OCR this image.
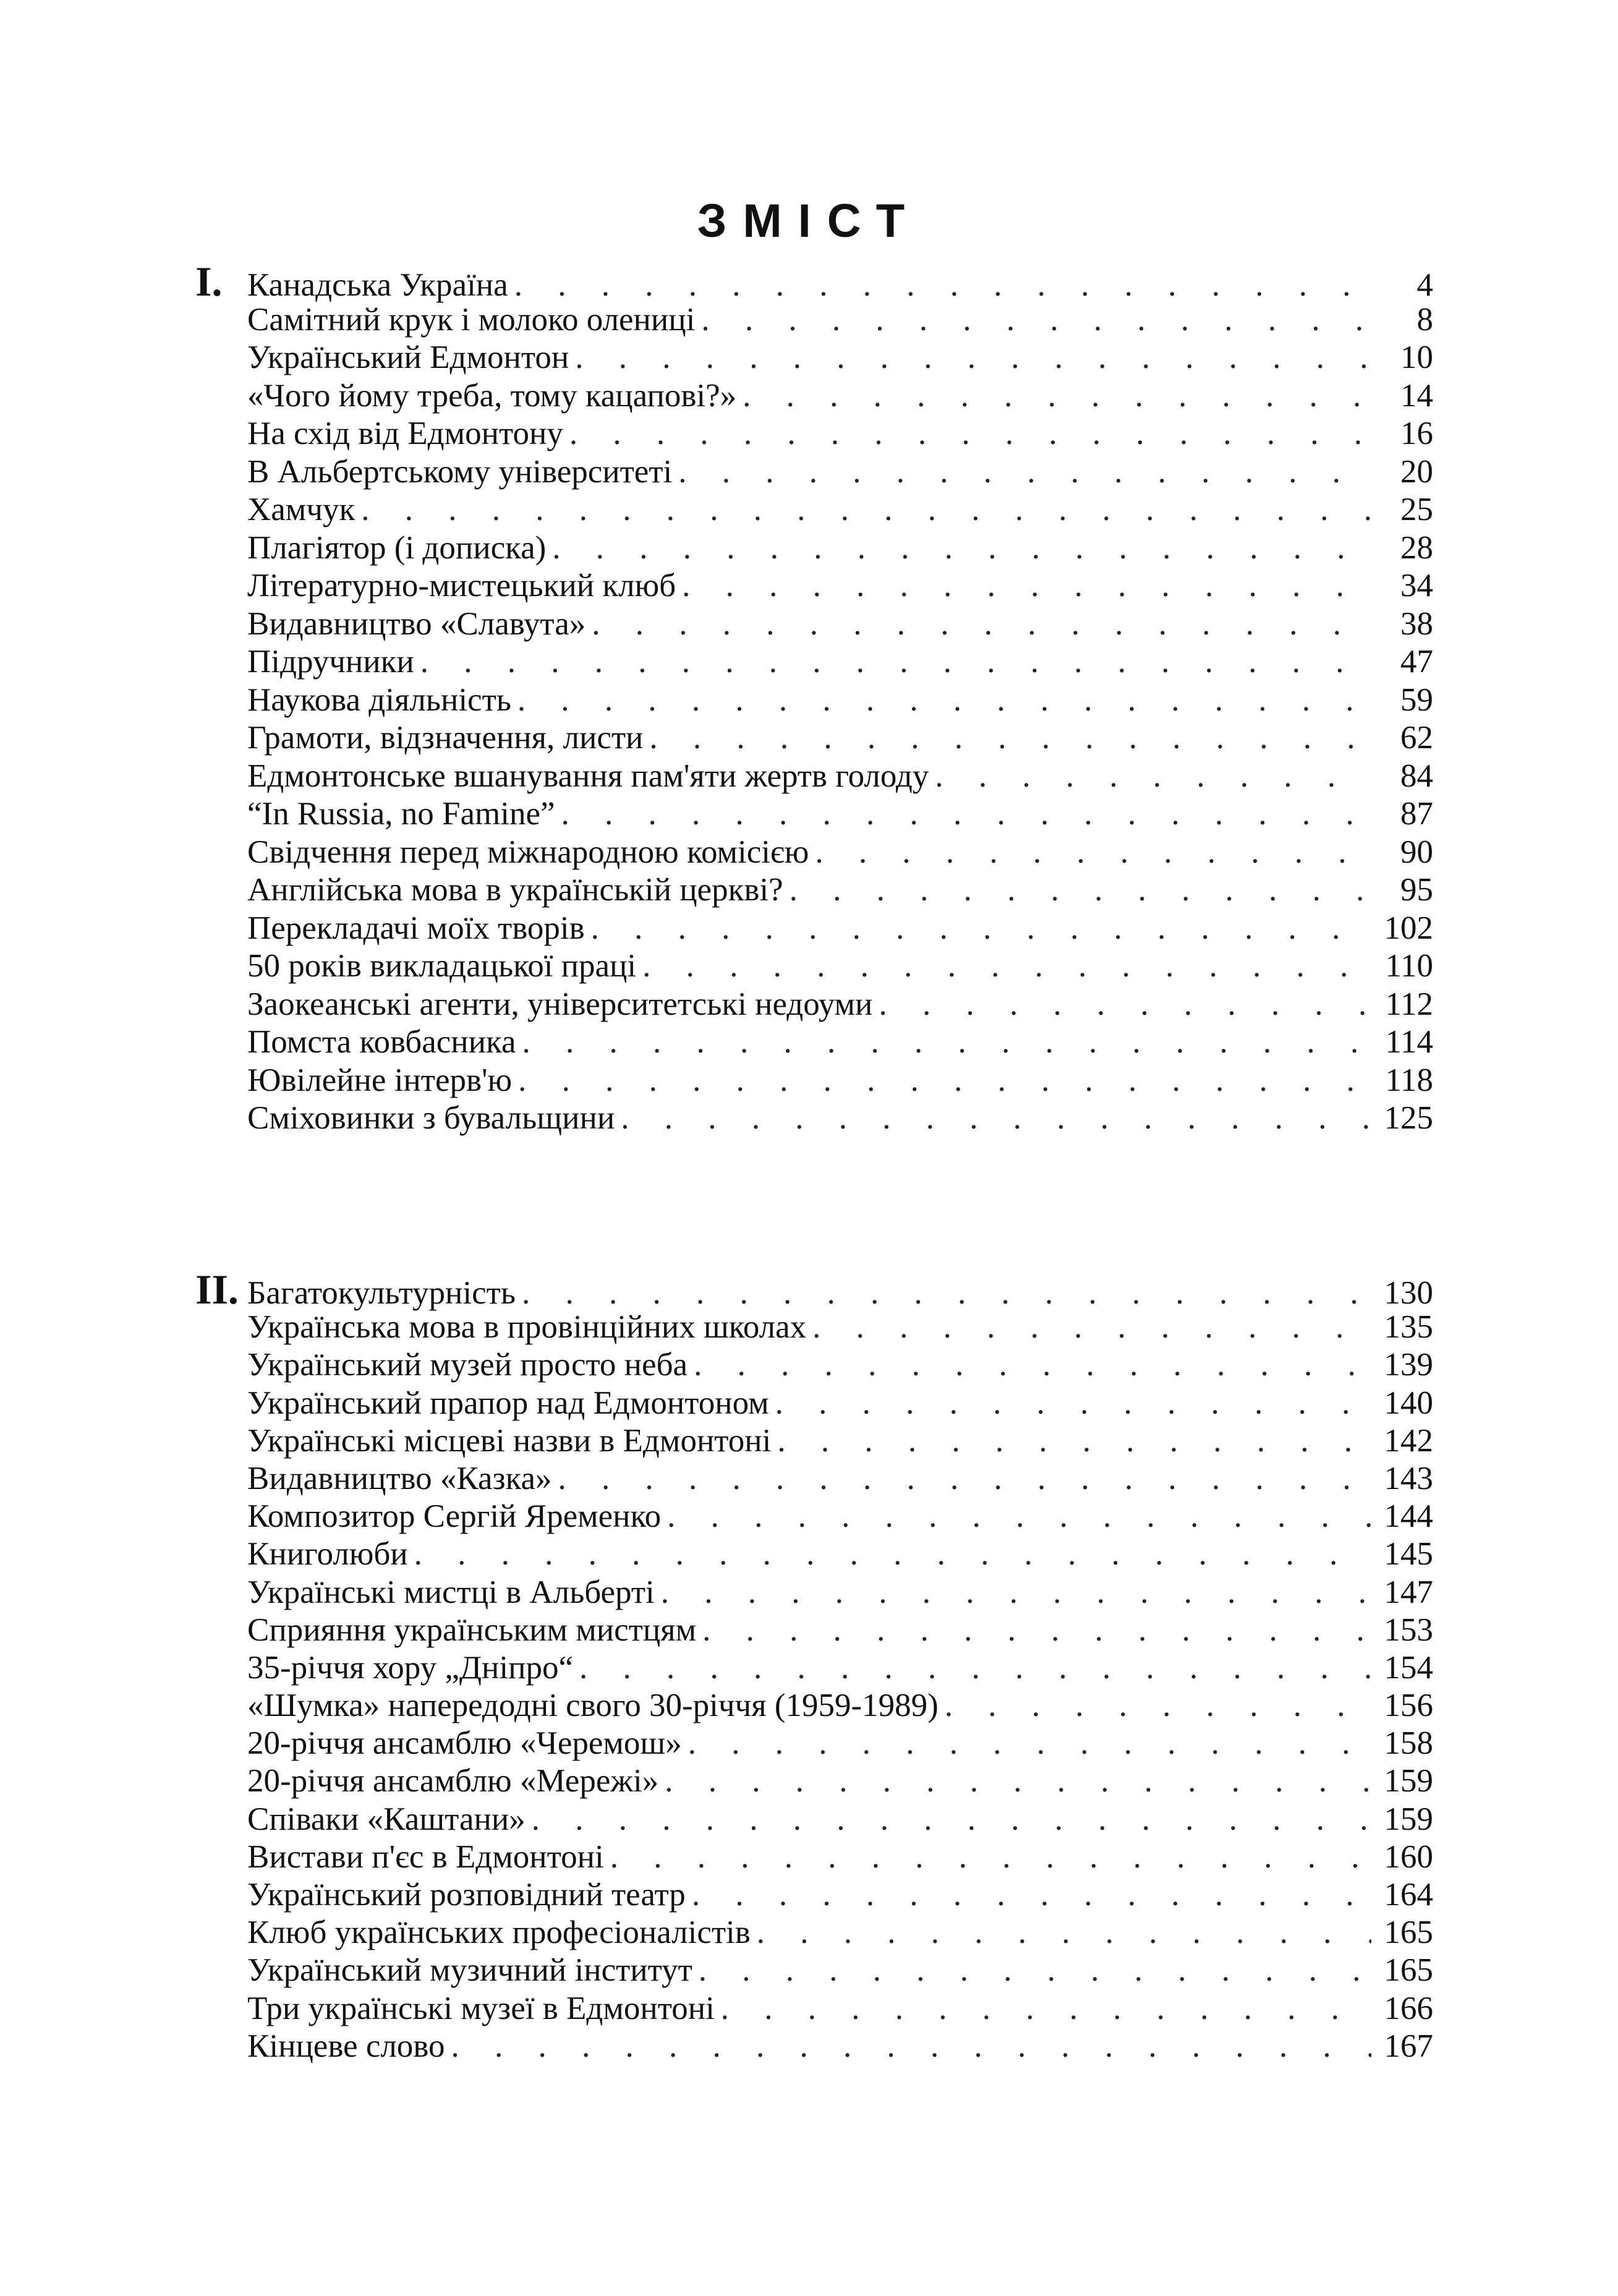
ЗМІСТ
I. Канадська Україна . . .	4
Самітний крук і молоко олениці . . .	8
Український Едмонтон . . .	10
«Чого йому треба, тому кацапові?» . . .	14
На схід від Едмонтону . . .	16
В Альбертському університеті . . .	20
Хамчук . . .	25
Плагіятор (і дописка) . . .	28
Літературно-мистецький клюб . . .	34
Видавництво «Славута» . . .	38
Підручники . . .	47
Наукова діяльність . . .	59
Грамоти, відзначення, листи . . .	62
Едмонтонське вшанування пам'яти жертв голоду . . .	84
“In Russia, no Famine” . . .	87
Свідчення перед міжнародною комісією . . .	90
Англійська мова в українській церкві? . . .	95
Перекладачі моїх творів . . .	102
50 років викладацької праці . . .	110
Заокеанські агенти, університетські недоуми . . .	112
Помста ковбасника . . .	114
Ювілейне інтерв'ю . . .	118
Сміховинки з бувальщини . . .	125
II. Багатокультурність . . .	130
Українська мова в провінційних школах . . .	135
Український музей просто неба . . .	139
Український прапор над Едмонтоном . . .	140
Українські місцеві назви в Едмонтоні . . .	142
Видавництво «Казка» . . .	143
Композитор Сергій Яременко . . .	144
Книголюби . . .	145
Українські мистці в Альберті . . .	147
Сприяння українським мистцям . . .	153
35-річчя хору „Дніпро“ . . .	154
«Шумка» напередодні свого 30-річчя (1959-1989) . . .	156
20-річчя ансамблю «Черемош» . . .	158
20-річчя ансамблю «Мережі» . . .	159
Співаки «Каштани» . . .	159
Вистави п'єс в Едмонтоні . . .	160
Український розповідний театр . . .	164
Клюб українських професіоналістів . . .	165
Український музичний інститут . . .	165
Три українські музеї в Едмонтоні . . .	166
Кінцеве слово . . .	167
